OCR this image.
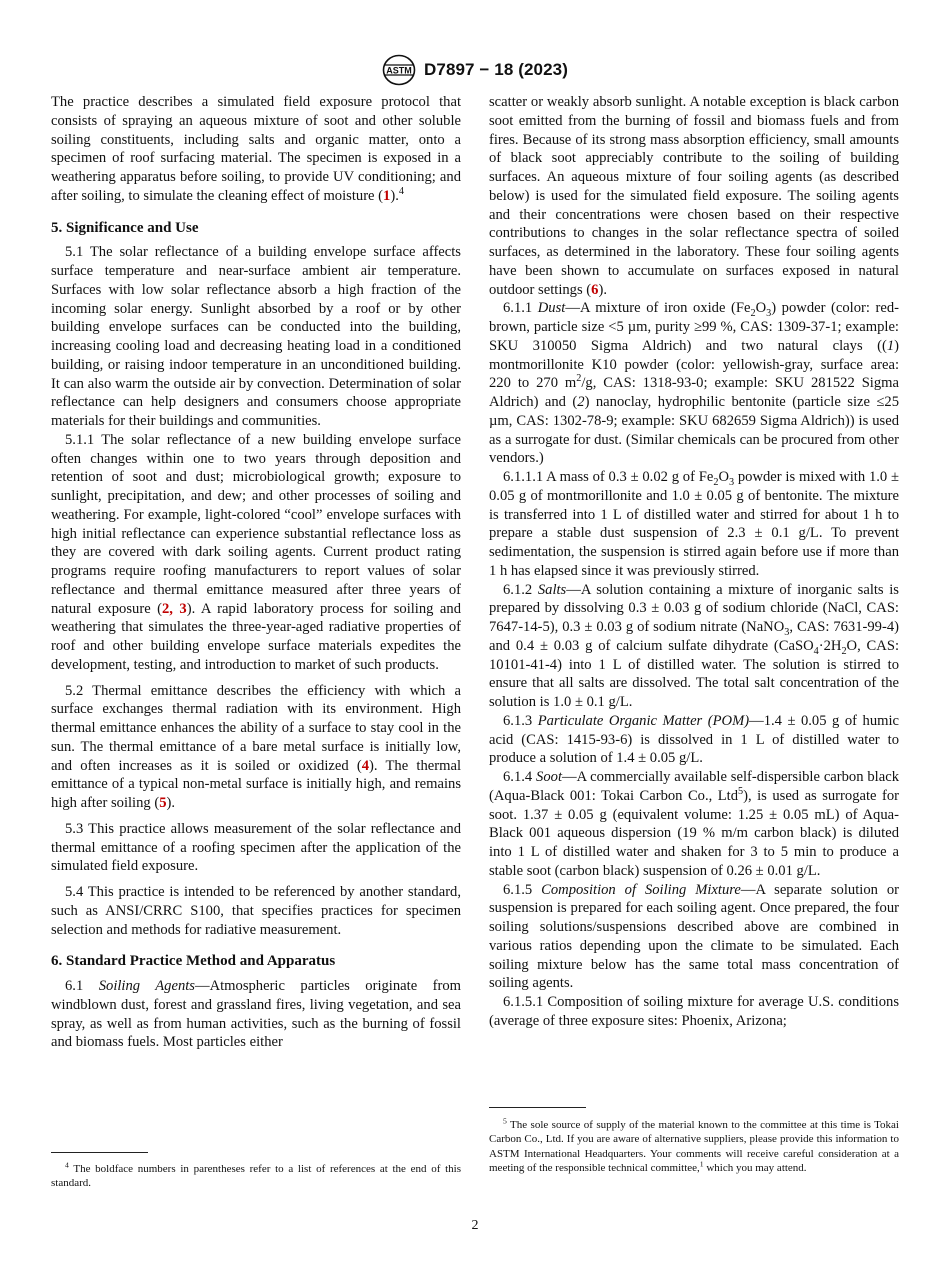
ASTM D7897 − 18 (2023)

The practice describes a simulated field exposure protocol that consists of spraying an aqueous mixture of soot and other soluble soiling constituents, including salts and organic matter, onto a specimen of roof surfacing material. The specimen is exposed in a weathering apparatus before soiling, to provide UV conditioning; and after soiling, to simulate the cleaning effect of moisture (1).$^4$

5. Significance and Use

5.1 The solar reflectance of a building envelope surface affects surface temperature and near-surface ambient air temperature. Surfaces with low solar reflectance absorb a high fraction of the incoming solar energy. Sunlight absorbed by a roof or by other building envelope surfaces can be conducted into the building, increasing cooling load and decreasing heating load in a conditioned building, or raising indoor temperature in an unconditioned building. It can also warm the outside air by convection. Determination of solar reflectance can help designers and consumers choose appropriate materials for their buildings and communities.

5.1.1 The solar reflectance of a new building envelope surface often changes within one to two years through deposition and retention of soot and dust; microbiological growth; exposure to sunlight, precipitation, and dew; and other processes of soiling and weathering. For example, light-colored “cool” envelope surfaces with high initial reflectance can experience substantial reflectance loss as they are covered with dark soiling agents. Current product rating programs require roofing manufacturers to report values of solar reflectance and thermal emittance measured after three years of natural exposure (2, 3). A rapid laboratory process for soiling and weathering that simulates the three-year-aged radiative properties of roof and other building envelope surface materials expedites the development, testing, and introduction to market of such products.

5.2 Thermal emittance describes the efficiency with which a surface exchanges thermal radiation with its environment. High thermal emittance enhances the ability of a surface to stay cool in the sun. The thermal emittance of a bare metal surface is initially low, and often increases as it is soiled or oxidized (4). The thermal emittance of a typical non-metal surface is initially high, and remains high after soiling (5).

5.3 This practice allows measurement of the solar reflectance and thermal emittance of a roofing specimen after the application of the simulated field exposure.

5.4 This practice is intended to be referenced by another standard, such as ANSI/CRRC S100, that specifies practices for specimen selection and methods for radiative measurement.

6. Standard Practice Method and Apparatus

6.1 Soiling Agents—Atmospheric particles originate from windblown dust, forest and grassland fires, living vegetation, and sea spray, as well as from human activities, such as the burning of fossil and biomass fuels. Most particles either

scatter or weakly absorb sunlight. A notable exception is black carbon soot emitted from the burning of fossil and biomass fuels and from fires. Because of its strong mass absorption efficiency, small amounts of black soot appreciably contribute to the soiling of building surfaces. An aqueous mixture of four soiling agents (as described below) is used for the simulated field exposure. The soiling agents and their concentrations were chosen based on their respective contributions to changes in the solar reflectance spectra of soiled surfaces, as determined in the laboratory. These four soiling agents have been shown to accumulate on surfaces exposed in natural outdoor settings (6).

6.1.1 Dust—A mixture of iron oxide $(Fe_2O_3)$ powder (color: red-brown, particle size <5 µm, purity ≥99 %, CAS: 1309-37-1; example: SKU 310050 Sigma Aldrich) and two natural clays ((1) montmorillonite K10 powder (color: yellowish-gray, surface area: 220 to 270 $m^2/g$, CAS: 1318-93-0; example: SKU 281522 Sigma Aldrich) and (2) nanoclay, hydrophilic bentonite (particle size ≤25 µm, CAS: 1302-78-9; example: SKU 682659 Sigma Aldrich)) is used as a surrogate for dust. (Similar chemicals can be procured from other vendors.)

6.1.1.1 A mass of 0.3 ± 0.02 g of $Fe_2O_3$ powder is mixed with 1.0 ± 0.05 g of montmorillonite and 1.0 ± 0.05 g of bentonite. The mixture is transferred into 1 L of distilled water and stirred for about 1 h to prepare a stable dust suspension of 2.3 ± 0.1 g/L. To prevent sedimentation, the suspension is stirred again before use if more than 1 h has elapsed since it was previously stirred.

6.1.2 Salts—A solution containing a mixture of inorganic salts is prepared by dissolving 0.3 ± 0.03 g of sodium chloride (NaCl, CAS: 7647-14-5), 0.3 ± 0.03 g of sodium nitrate (NaNO$_3$, CAS: 7631-99-4) and 0.4 ± 0.03 g of calcium sulfate dihydrate ($CaSO_4\cdot 2H_2O$, CAS: 10101-41-4) into 1 L of distilled water. The solution is stirred to ensure that all salts are dissolved. The total salt concentration of the solution is 1.0 ± 0.1 g/L.

6.1.3 Particulate Organic Matter (POM)—1.4 ± 0.05 g of humic acid (CAS: 1415-93-6) is dissolved in 1 L of distilled water to produce a solution of 1.4 ± 0.05 g/L.

6.1.4 Soot—A commercially available self-dispersible carbon black (Aqua-Black 001: Tokai Carbon Co., Ltd$^5$), is used as surrogate for soot. 1.37 ± 0.05 g (equivalent volume: 1.25 ± 0.05 mL) of Aqua-Black 001 aqueous dispersion (19 % m/m carbon black) is diluted into 1 L of distilled water and shaken for 3 to 5 min to produce a stable soot (carbon black) suspension of 0.26 ± 0.01 g/L.

6.1.5 Composition of Soiling Mixture—A separate solution or suspension is prepared for each soiling agent. Once prepared, the four soiling solutions/suspensions described above are combined in various ratios depending upon the climate to be simulated. Each soiling mixture below has the same total mass concentration of soiling agents.

6.1.5.1 Composition of soiling mixture for average U.S. conditions (average of three exposure sites: Phoenix, Arizona;

$^4$ The boldface numbers in parentheses refer to a list of references at the end of this standard.

$^5$ The sole source of supply of the material known to the committee at this time is Tokai Carbon Co., Ltd. If you are aware of alternative suppliers, please provide this information to ASTM International Headquarters. Your comments will receive careful consideration at a meeting of the responsible technical committee,$^1$ which you may attend.

2
